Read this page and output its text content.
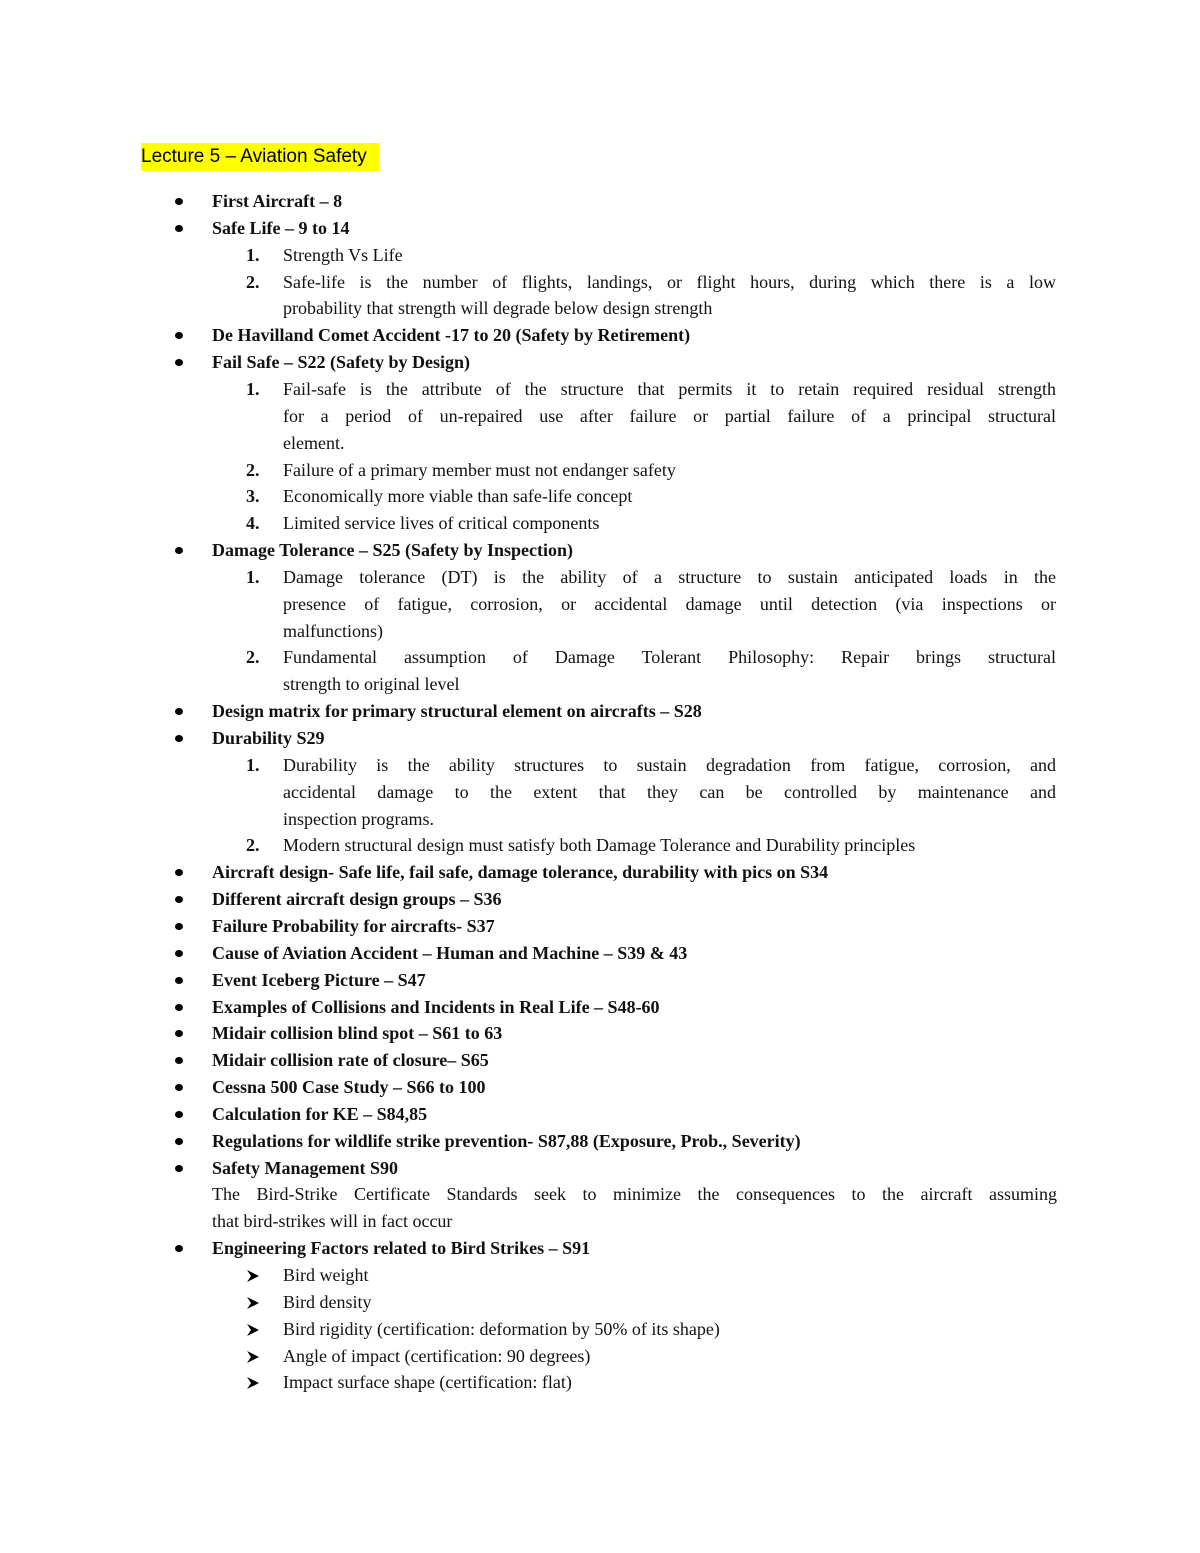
Lecture 5 – Aviation Safety
First Aircraft – 8
Safe Life – 9 to 14
1. Strength Vs Life
2. Safe-life is the number of flights, landings, or flight hours, during which there is a low
probability that strength will degrade below design strength
De Havilland Comet Accident -17 to 20 (Safety by Retirement)
Fail Safe – S22 (Safety by Design)
1. Fail-safe is the attribute of the structure that permits it to retain required residual strength
for a period of un-repaired use after failure or partial failure of a principal structural
element.
2. Failure of a primary member must not endanger safety
3. Economically more viable than safe-life concept
4. Limited service lives of critical components
Damage Tolerance – S25 (Safety by Inspection)
1. Damage tolerance (DT) is the ability of a structure to sustain anticipated loads in the
presence of fatigue, corrosion, or accidental damage until detection (via inspections or
malfunctions)
2. Fundamental assumption of Damage Tolerant Philosophy: Repair brings structural
strength to original level
Design matrix for primary structural element on aircrafts – S28
Durability S29
1. Durability is the ability structures to sustain degradation from fatigue, corrosion, and
accidental damage to the extent that they can be controlled by maintenance and
inspection programs.
2. Modern structural design must satisfy both Damage Tolerance and Durability principles
Aircraft design- Safe life, fail safe, damage tolerance, durability with pics on S34
Different aircraft design groups – S36
Failure Probability for aircrafts- S37
Cause of Aviation Accident – Human and Machine – S39 & 43
Event Iceberg Picture – S47
Examples of Collisions and Incidents in Real Life – S48-60
Midair collision blind spot – S61 to 63
Midair collision rate of closure– S65
Cessna 500 Case Study – S66 to 100
Calculation for KE – S84,85
Regulations for wildlife strike prevention- S87,88 (Exposure, Prob., Severity)
Safety Management S90
The Bird-Strike Certificate Standards seek to minimize the consequences to the aircraft assuming
that bird-strikes will in fact occur
Engineering Factors related to Bird Strikes – S91
Bird weight
Bird density
Bird rigidity (certification: deformation by 50% of its shape)
Angle of impact (certification: 90 degrees)
Impact surface shape (certification: flat)
